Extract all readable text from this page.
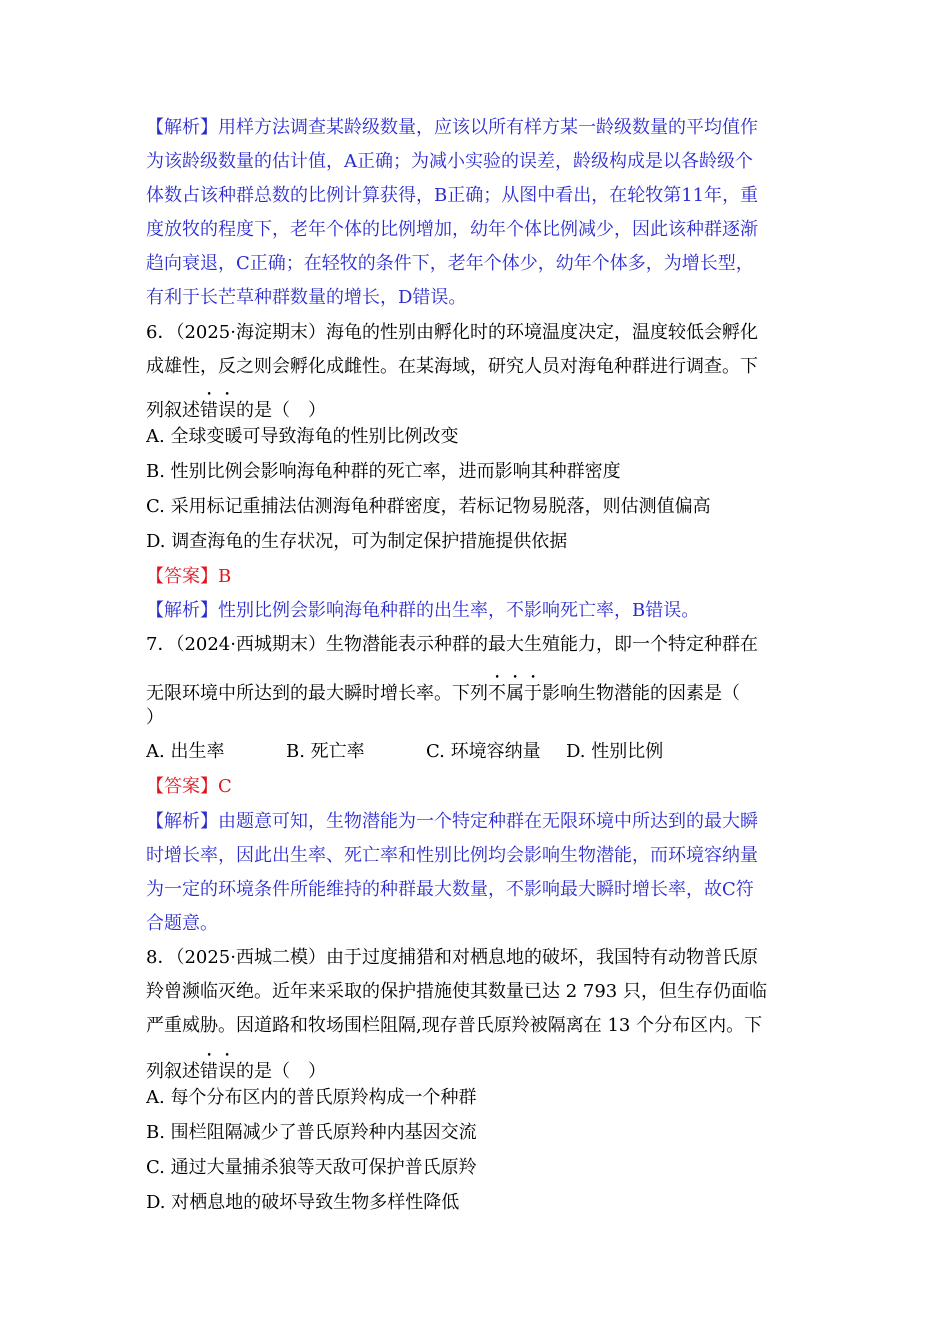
【解析】用样方法调查某龄级数量，应该以所有样方某一龄级数量的平均值作
为该龄级数量的估计值，A正确；为减小实验的误差，龄级构成是以各龄级个
体数占该种群总数的比例计算获得，B正确；从图中看出，在轮牧第11年，重
度放牧的程度下，老年个体的比例增加，幼年个体比例减少，因此该种群逐渐
趋向衰退，C正确；在轻牧的条件下，老年个体少，幼年个体多，为增长型，
有利于长芒草种群数量的增长，D错误。
6．（2025·海淀期末）海龟的性别由孵化时的环境温度决定，温度较低会孵化
成雄性，反之则会孵化成雌性。在某海域，研究人员对海龟种群进行调查。下
列叙述错误的是（　）
A. 全球变暖可导致海龟的性别比例改变
B. 性别比例会影响海龟种群的死亡率，进而影响其种群密度
C. 采用标记重捕法估测海龟种群密度，若标记物易脱落，则估测值偏高
D. 调查海龟的生存状况，可为制定保护措施提供依据
【答案】B
【解析】性别比例会影响海龟种群的出生率，不影响死亡率，B错误。
7．（2024·西城期末）生物潜能表示种群的最大生殖能力，即一个特定种群在
无限环境中所达到的最大瞬时增长率。下列不属于影响生物潜能的因素是（
）
A. 出生率	B. 死亡率	C. 环境容纳量 D. 性别比例
【答案】C
【解析】由题意可知，生物潜能为一个特定种群在无限环境中所达到的最大瞬
时增长率，因此出生率、死亡率和性别比例均会影响生物潜能，而环境容纳量
为一定的环境条件所能维持的种群最大数量，不影响最大瞬时增长率，故C符
合题意。
8．（2025·西城二模）由于过度捕猎和对栖息地的破坏，我国特有动物普氏原
羚曾濒临灭绝。近年来采取的保护措施使其数量已达 2 793 只，但生存仍面临
严重威胁。因道路和牧场围栏阻隔,现存普氏原羚被隔离在 13 个分布区内。下
列叙述错误的是（　）
A. 每个分布区内的普氏原羚构成一个种群
B. 围栏阻隔减少了普氏原羚种内基因交流
C. 通过大量捕杀狼等天敌可保护普氏原羚
D. 对栖息地的破坏导致生物多样性降低
